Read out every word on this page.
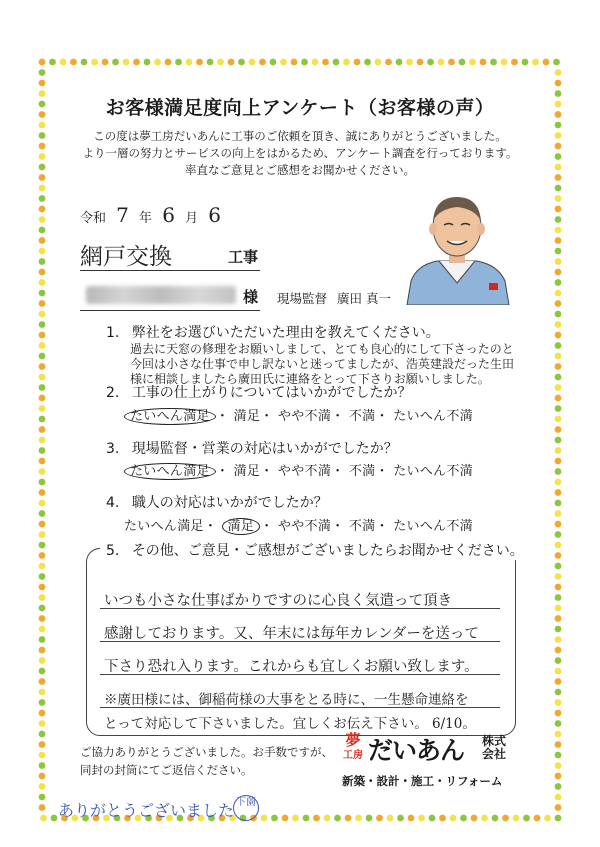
お客様満足度向上アンケート（お客様の声）
この度は夢工房だいあんに工事のご依頼を頂き、誠にありがとうございました。
より一層の努力とサービスの向上をはかるため、アンケート調査を行っております。
率直なご意見とご感想をお聞かせください。
令和 7 年 6 月 6
網戸交換	工事
様 現場監督 廣田 真一
1. 弊社をお選びいただいた理由を教えてください。
過去に天窓の修理をお願いしまして、とても良心的にして下さったのと
今回は小さな仕事で申し訳ないと迷ってましたが、浩英建設だった生田
様に相談しましたら廣田氏に連絡をとって下さりお願いしました。
2. 工事の仕上がりについてはいかがでしたか？
たいへん満足 ・ 満足・ やや不満・ 不満・ たいへん不満
3. 現場監督・営業の対応はいかがでしたか？
たいへん満足 ・ 満足・ やや不満・ 不満・ たいへん不満
4. 職人の対応はいかがでしたか？
たいへん満足・ 満足 ・ やや不満・ 不満・ たいへん不満
5. その他、ご意見・ご感想がございましたらお聞かせください。
いつも小さな仕事ばかりですのに心良く気遣って頂き
感謝しております。又、年末には毎年カレンダーを送って
下さり恐れ入ります。これからも宜しくお願い致します。
※廣田様には、御稲荷様の大事をとる時に、一生懸命連絡を
とって対応して下さいました。宜しくお伝え下さい。 6/10。
ご協力ありがとうございました。お手数ですが、
同封の封筒にてご返信ください。
夢
工房 だいあん 株式会社
新築・設計・施工・リフォーム
ありがとうございました 下薗
